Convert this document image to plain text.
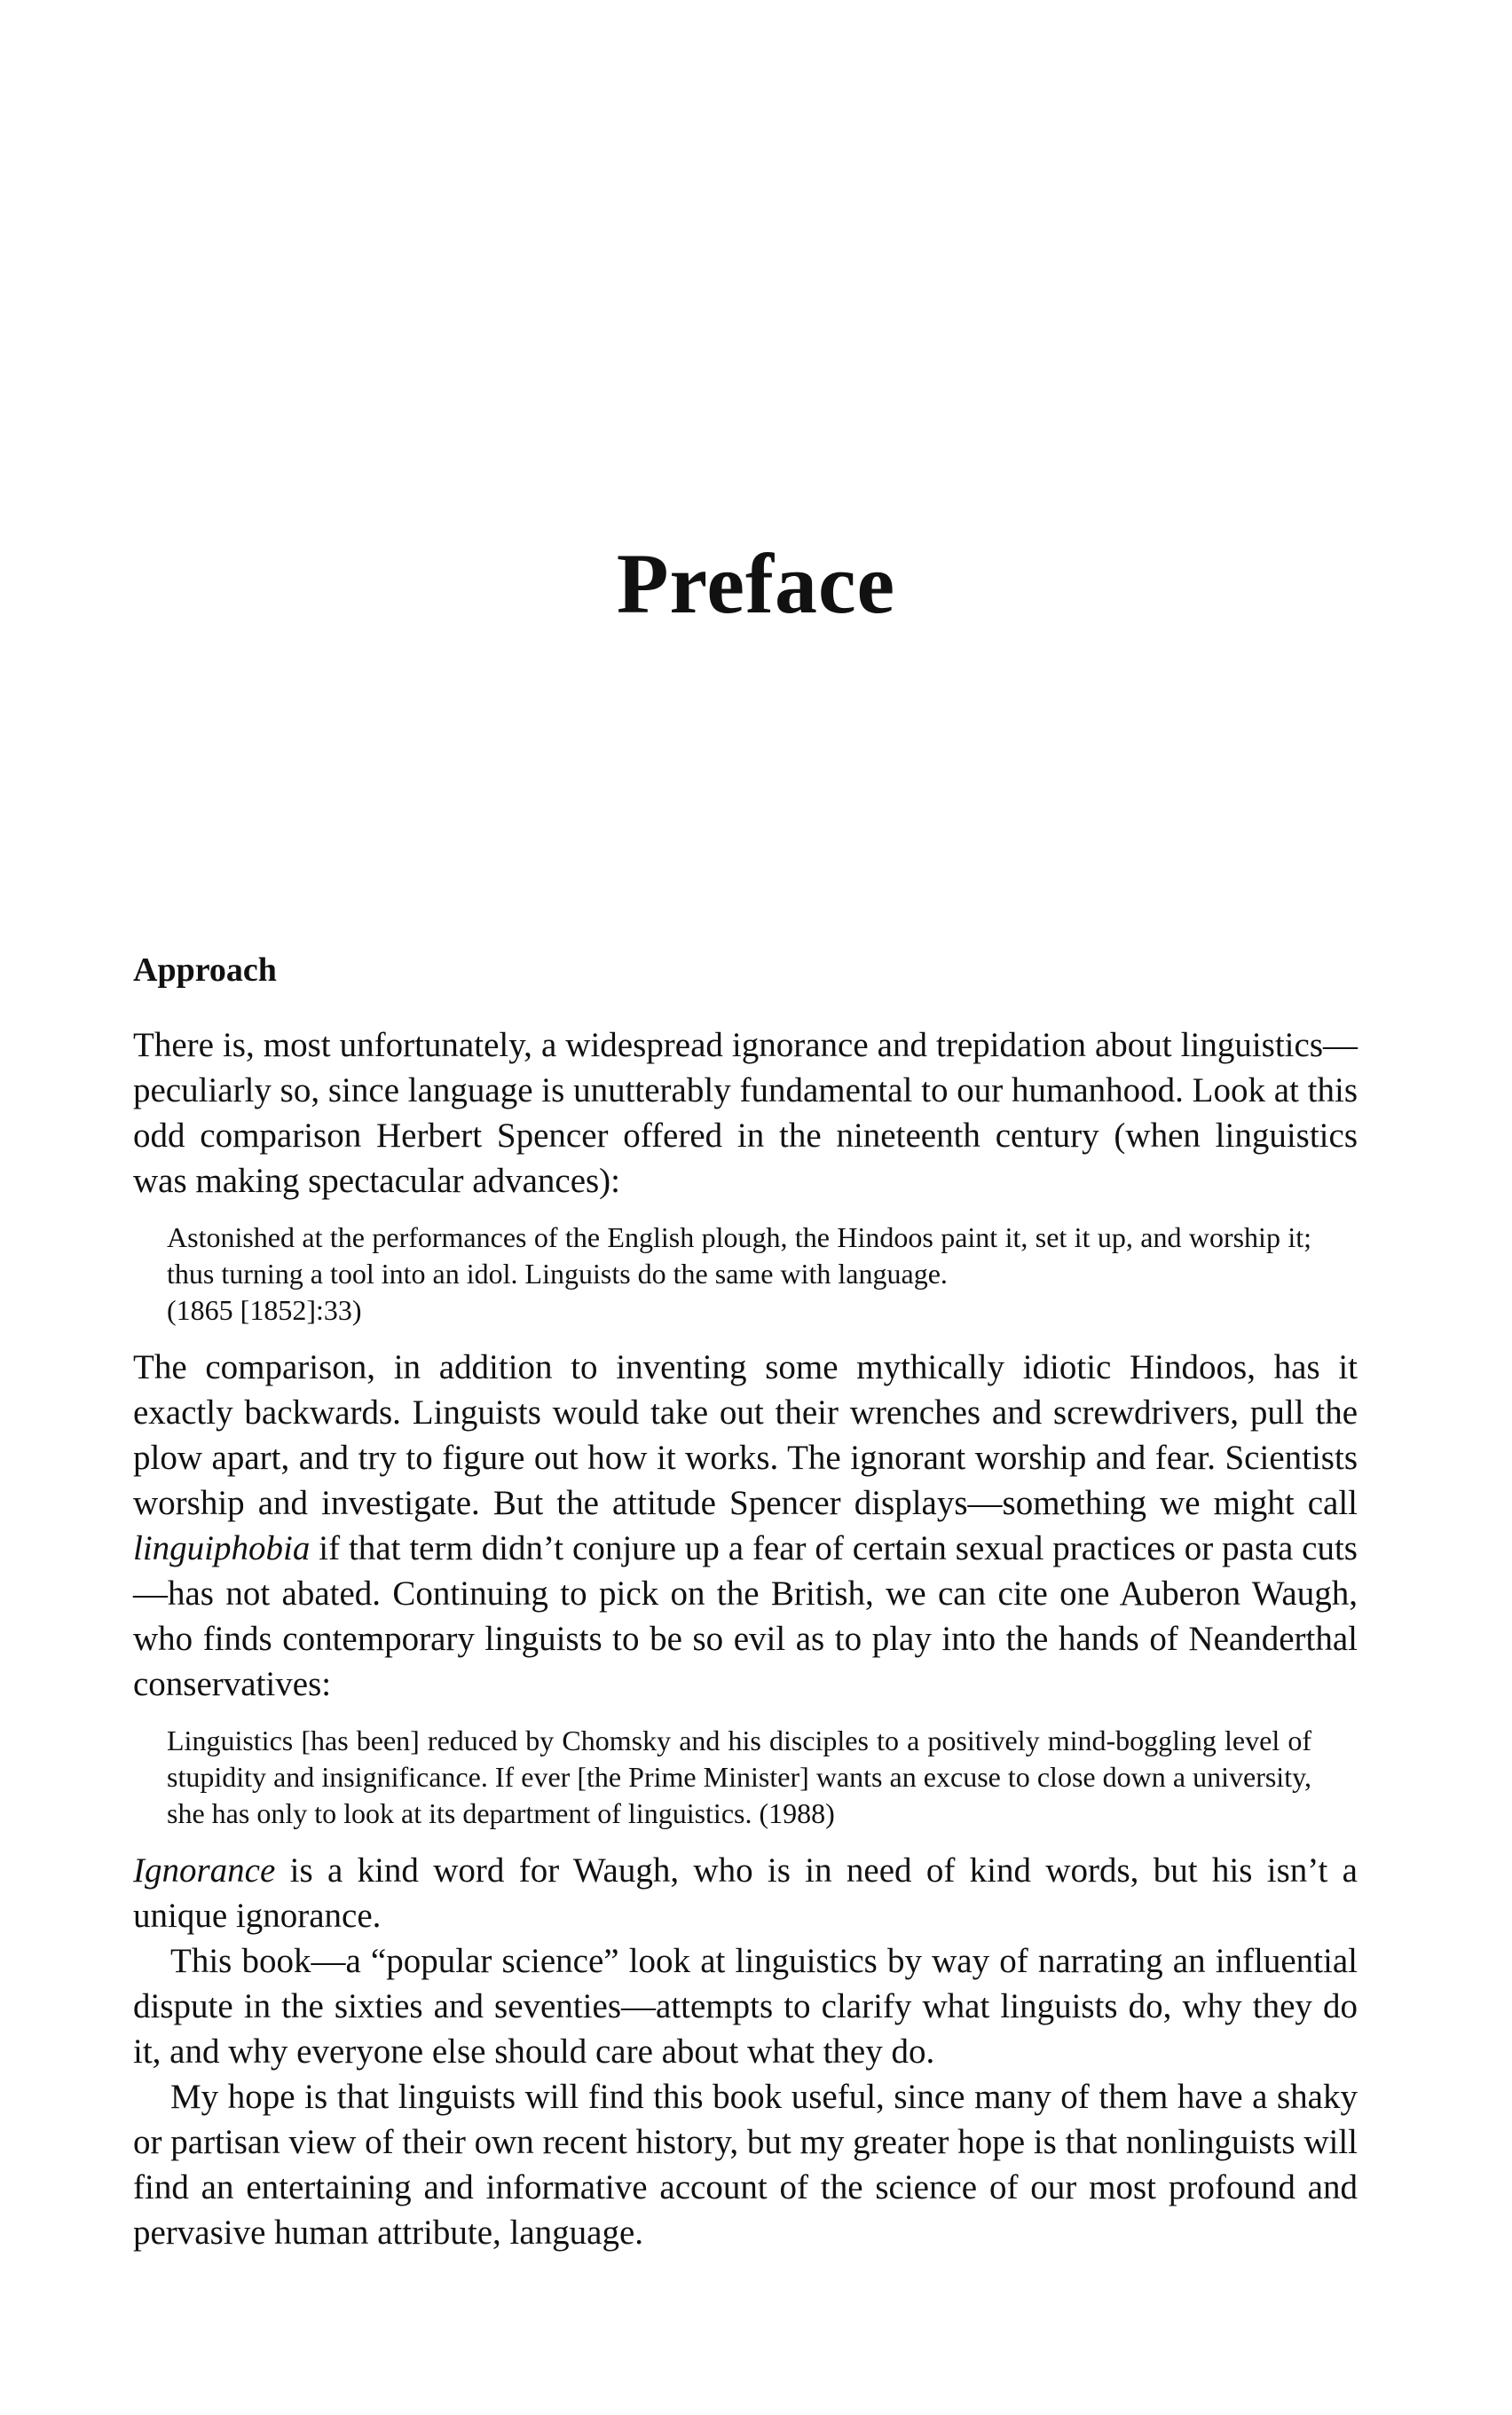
Preface
Approach

There is, most unfortunately, a widespread ignorance and trepidation about linguistics—peculiarly so, since language is unutterably fundamental to our humanhood. Look at this odd comparison Herbert Spencer offered in the nineteenth century (when linguistics was making spectacular advances):

Astonished at the performances of the English plough, the Hindoos paint it, set it up, and worship it; thus turning a tool into an idol. Linguists do the same with language.
(1865 [1852]:33)

The comparison, in addition to inventing some mythically idiotic Hindoos, has it exactly backwards. Linguists would take out their wrenches and screwdrivers, pull the plow apart, and try to figure out how it works. The ignorant worship and fear. Scientists worship and investigate. But the attitude Spencer displays—something we might call linguiphobia if that term didn’t conjure up a fear of certain sexual practices or pasta cuts—has not abated. Continuing to pick on the British, we can cite one Auberon Waugh, who finds contemporary linguists to be so evil as to play into the hands of Neanderthal conservatives:

Linguistics [has been] reduced by Chomsky and his disciples to a positively mind-boggling level of stupidity and insignificance. If ever [the Prime Minister] wants an excuse to close down a university, she has only to look at its department of linguistics. (1988)

Ignorance is a kind word for Waugh, who is in need of kind words, but his isn’t a unique ignorance.

This book—a “popular science” look at linguistics by way of narrating an influential dispute in the sixties and seventies—attempts to clarify what linguists do, why they do it, and why everyone else should care about what they do.

My hope is that linguists will find this book useful, since many of them have a shaky or partisan view of their own recent history, but my greater hope is that nonlinguists will find an entertaining and informative account of the science of our most profound and pervasive human attribute, language.
